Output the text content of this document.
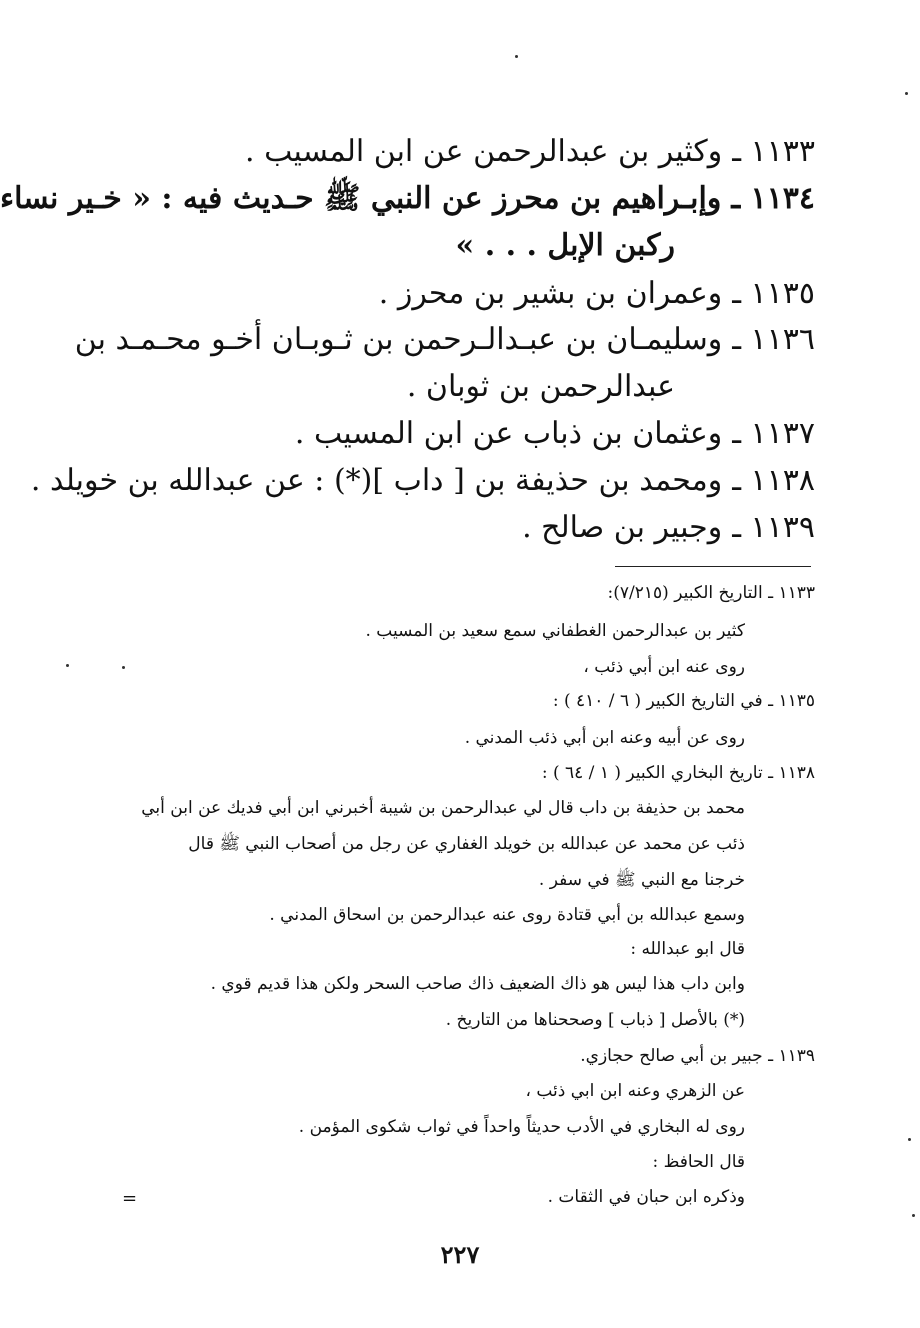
١١٣٣ ـوكثير بن عبدالرحمن عن ابن المسيب .
١١٣٤ ـوإبـراهيم بن محرز عن النبي ﷺ حـديث فيه : « خـير نساء
ركبن الإبل . . . »
١١٣٥ ـوعمران بن بشير بن محرز .
١١٣٦ ـوسليمـان بن عبـدالـرحمن بن ثـوبـان أخـو محـمـد بن
عبدالرحمن بن ثوبان .
١١٣٧ ـوعثمان بن ذباب عن ابن المسيب .
١١٣٨ ـومحمد بن حذيفة بن [ داب ](*) : عن عبدالله بن خويلد .
١١٣٩ ـوجبير بن صالح .
١١٣٣ ـ التاريخ الكبير (٧/٢١٥):
كثير بن عبدالرحمن الغطفاني سمع سعيد بن المسيب .
روى عنه ابن أبي ذئب ،
١١٣٥ ـ في التاريخ الكبير ( ٦ / ٤١٠ ) :
روى عن أبيه وعنه ابن أبي ذئب المدني .
١١٣٨ ـ تاريخ البخاري الكبير ( ١ / ٦٤ ) :
محمد بن حذيفة بن داب قال لي عبدالرحمن بن شيبة أخبرني ابن أبي فديك عن ابن أبي
ذئب عن محمد عن عبدالله بن خويلد الغفاري عن رجل من أصحاب النبي ﷺ قال
خرجنا مع النبي ﷺ في سفر .
وسمع عبدالله بن أبي قتادة روى عنه عبدالرحمن بن اسحاق المدني .
قال ابو عبدالله :
وابن داب هذا ليس هو ذاك الضعيف ذاك صاحب السحر ولكن هذا قديم قوي .
(*) بالأصل [ ذباب ] وصححناها من التاريخ .
١١٣٩ ـ جبير بن أبي صالح حجازي.
عن الزهري وعنه ابن ابي ذئب ،
روى له البخاري في الأدب حديثاً واحداً في ثواب شكوى المؤمن .
قال الحافظ :
وذكره ابن حبان في الثقات .
=
٢٢٧
